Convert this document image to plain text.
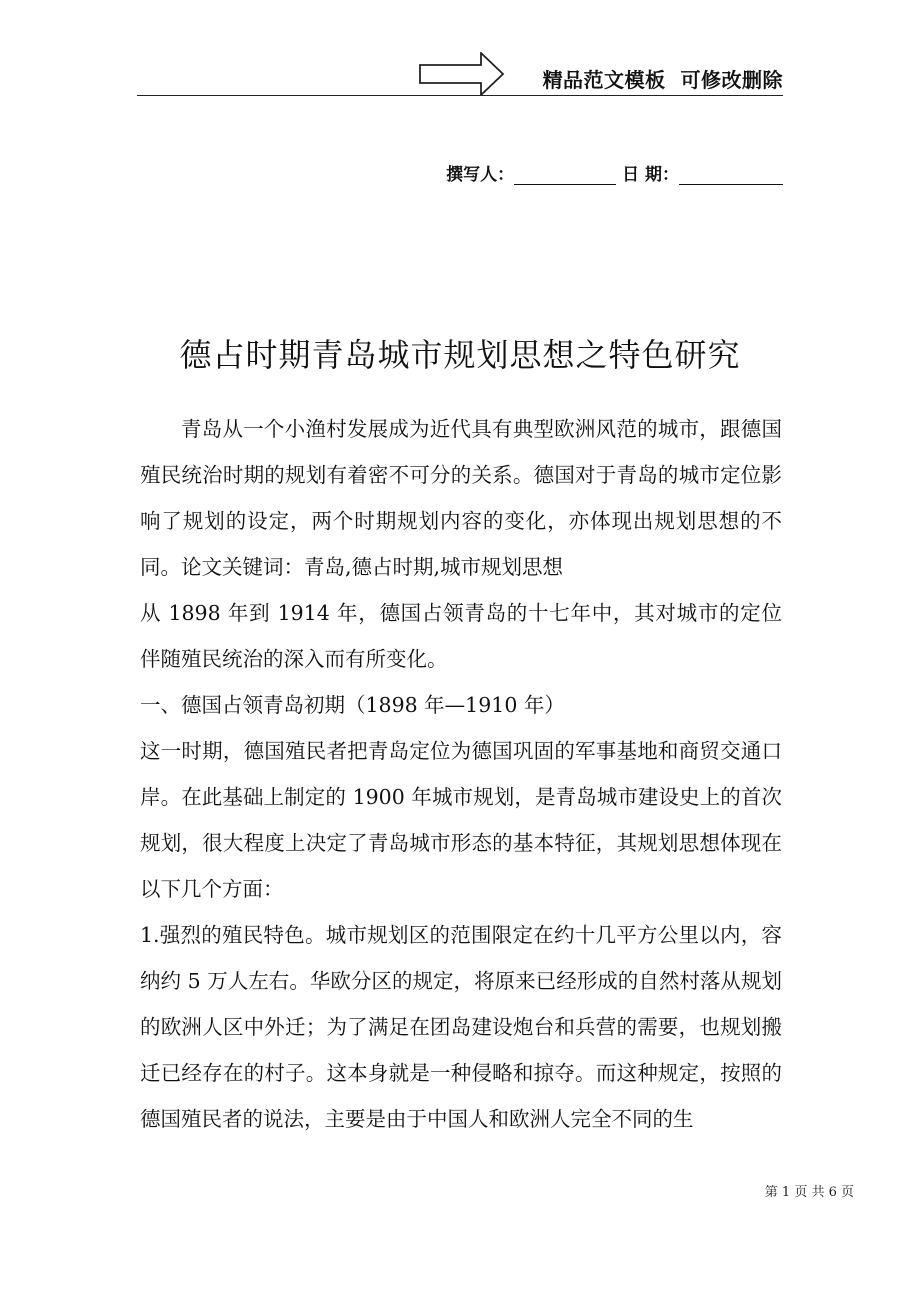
精品范文模板  可修改删除
撰写人：	日 期：
德占时期青岛城市规划思想之特色研究

青岛从一个小渔村发展成为近代具有典型欧洲风范的城市，跟德国殖民统治时期的规划有着密不可分的关系。德国对于青岛的城市定位影响了规划的设定，两个时期规划内容的变化，亦体现出规划思想的不同。论文关键词：青岛,德占时期,城市规划思想

从 1898 年到 1914 年，德国占领青岛的十七年中，其对城市的定位伴随殖民统治的深入而有所变化。

一、德国占领青岛初期（1898 年—1910 年）

这一时期，德国殖民者把青岛定位为德国巩固的军事基地和商贸交通口岸。在此基础上制定的 1900 年城市规划，是青岛城市建设史上的首次规划，很大程度上决定了青岛城市形态的基本特征，其规划思想体现在以下几个方面：

1.强烈的殖民特色。城市规划区的范围限定在约十几平方公里以内，容纳约 5 万人左右。华欧分区的规定，将原来已经形成的自然村落从规划的欧洲人区中外迁；为了满足在团岛建设炮台和兵营的需要，也规划搬迁已经存在的村子。这本身就是一种侵略和掠夺。而这种规定，按照的德国殖民者的说法，主要是由于中国人和欧洲人完全不同的生

第 1 页 共 6 页
